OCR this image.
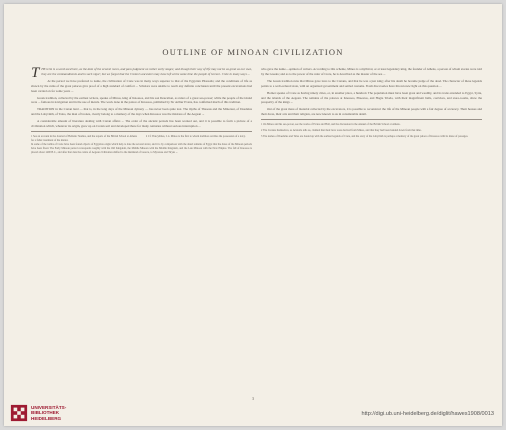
OUTLINE OF MINOAN CIVILIZATION

THE term is a word used here, as the date of the several races, and pass judgment on rather early stages; and though their way of life may not be as great as our own, they are the commandments and in such vigor; but we forgot that the Cretan's ancestors may have left at the same time the people of Greece. Crete in many ways ...

At the period we have preferred to name, the civilization of Crete was in many ways superior to that of the Egyptian Pharaohs; and the conditions of life as shown by the ruins of the great palaces give proof of a high standard of comfort ... Scholars were unable to reach any definite conclusion until the present excavations had been carried on for some years ...

Greek tradition, collected by the earliest writers, speaks of Minos, king of Knossos, and his son Deucalion, as rulers of a great sea-power; while the people of the island were ... famous in navigation and in the use of metals. The work done in the palace of Knossos, published by Sir Arthur Evans, has confirmed much of this tradition.

TRADITION in the Cretan land — that is, in the long days of the Minoan dynasty — has never been quite lost. The myths of Theseus and the Minotaur, of Daedalus and the Labyrinth, of Talos, the man of bronze, clearly belong to a memory of the days when Knossos was the mistress of the Aegean ...

A considerable amount of literature dealing with Cretan affairs ... The order of the ancient periods has been worked out, and it is possible to form a picture of a civilization which, whatever its origin, grew up on Cretan soil and developed there for many centuries without serious interruption ...

1 See an account in the Journal of Hellenic Studies, and the reports of the British School at Athens for a fuller treatment of the matter.
2 Cf. Thucydides, I. 4. Minos is the first to whom tradition ascribes the possession of a navy.

In some of the tombs of Crete have been found objects of Egyptian origin which help to date the several strata; and it is by comparison with the dated remains of Egypt that the dates of the Minoan periods have been fixed. The Early Minoan period corresponds roughly with the Old Kingdom, the Middle Minoan with the Middle Kingdom, and the Late Minoan with the New Empire. The fall of Knossos is placed about 1400 B.C., and after that date the centre of Aegean civilization shifted to the mainland of Greece, to Mycenae and Tiryns ...

who gave the name—opinion of writers. According to this scheme, Minos is a mythical, or at least legendary king, the founder of Athens, a person of whom stories were told by the Greeks; and as to the power of the ruler of Crete, he is described as the master of the sea ...

The Greek tradition runs that Minos gave laws to the Cretans, and that he was a just king; after his death he became judge of the dead. The character of these legends points to a well-ordered state, with an organized government and settled customs. Fresh discoveries have thrown new light on this question ...

Homer speaks of Crete as having ninety cities, or, in another place, a hundred. The population must have been great and wealthy, and its trade extended to Egypt, Syria, and the islands of the Aegean. The remains of the palaces at Knossos, Phaestos, and Hagia Triada, with their magnificent halls, corridors, and store-rooms, show the prosperity of the kings ...

Out of the great mass of material collected by the excavators, it is possible to reconstruct the life of the Minoan people with a fair degree of accuracy. Their houses and their dress, their arts and their religion, are now known to us in considerable detail.

1 On Minos and his sea-power, see the works of Evans and Hall, and the discussion in the Annual of the British School at Athens.

2 The Cretans themselves, as Aristotle tells us, claimed that their laws were derived from Minos, and that they had been handed down from that time.

3 The names of Daedalus and Talos are bound up with the earliest legends of Crete, and the story of the Labyrinth is perhaps a memory of the great palace of Knossos with its maze of passages.

3
UNIVERSITÄTS-
BIBLIOTHEK
HEIDELBERG
http://digi.ub.uni-heidelberg.de/diglit/hawes1908/0013
